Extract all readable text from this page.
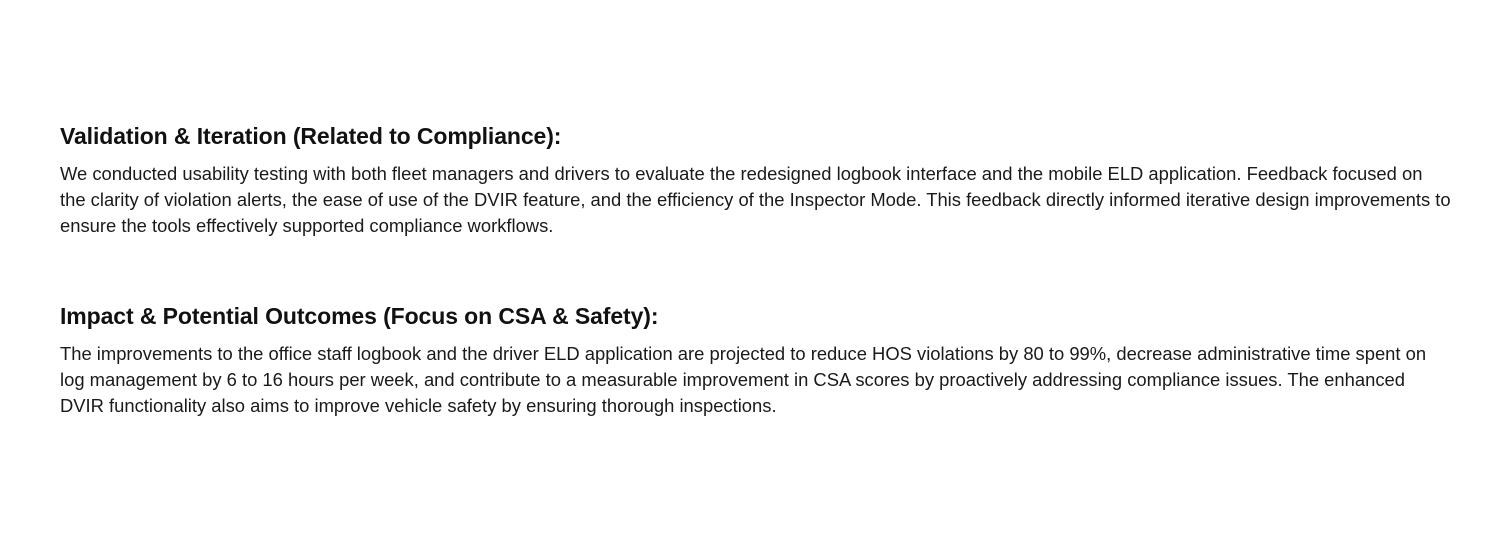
Validation & Iteration (Related to Compliance):

We conducted usability testing with both fleet managers and drivers to evaluate the redesigned logbook interface and the mobile ELD application. Feedback focused on the clarity of violation alerts, the ease of use of the DVIR feature, and the efficiency of the Inspector Mode. This feedback directly informed iterative design improvements to ensure the tools effectively supported compliance workflows.

Impact & Potential Outcomes (Focus on CSA & Safety):

The improvements to the office staff logbook and the driver ELD application are projected to reduce HOS violations by 80 to 99%, decrease administrative time spent on log management by 6 to 16 hours per week, and contribute to a measurable improvement in CSA scores by proactively addressing compliance issues. The enhanced DVIR functionality also aims to improve vehicle safety by ensuring thorough inspections.
